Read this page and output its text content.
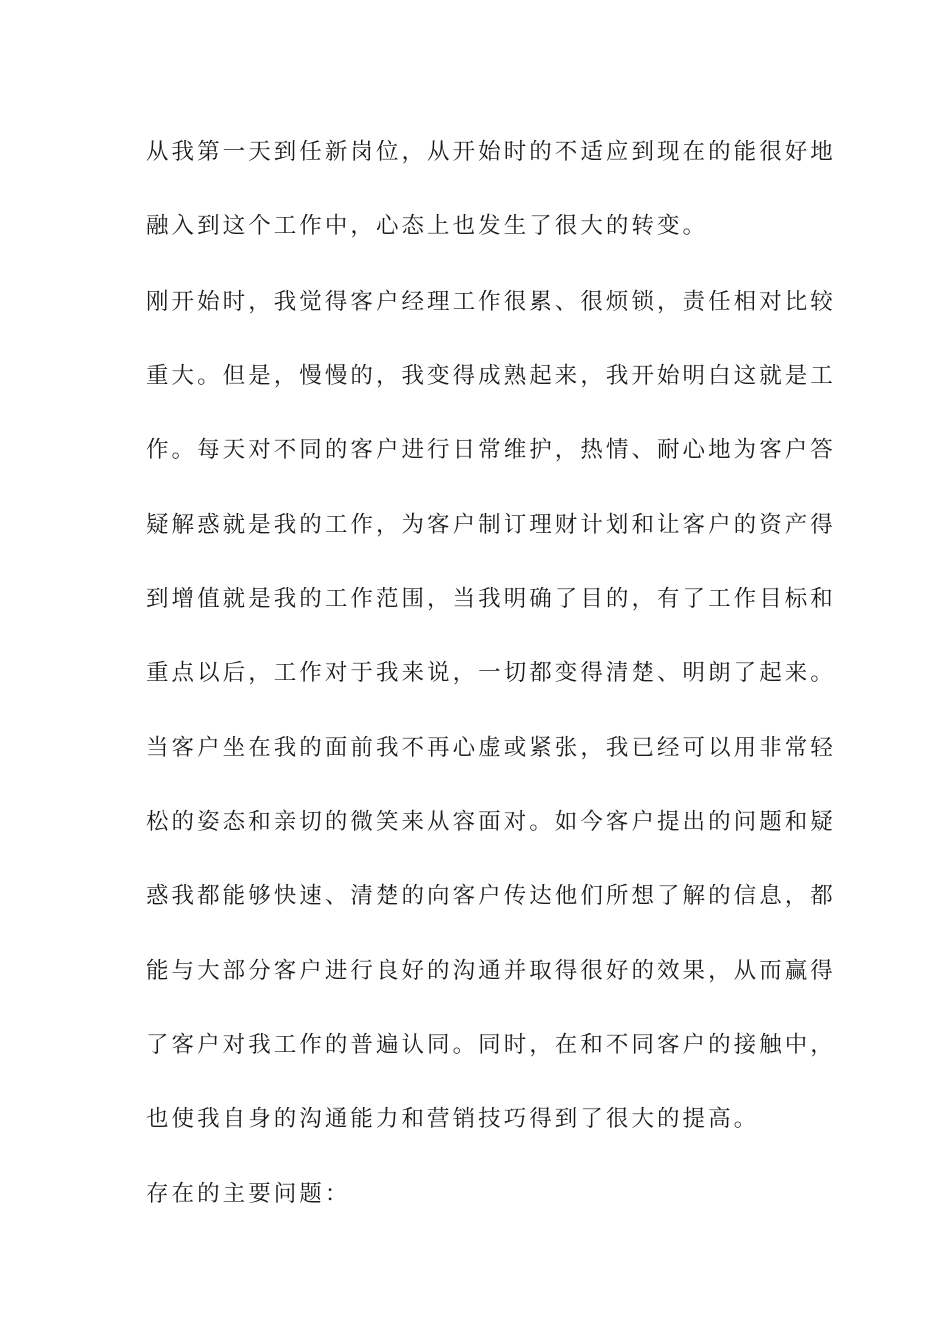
从我第一天到任新岗位，从开始时的不适应到现在的能很好地
融入到这个工作中，心态上也发生了很大的转变。
刚开始时，我觉得客户经理工作很累、很烦锁，责任相对比较
重大。但是，慢慢的，我变得成熟起来，我开始明白这就是工
作。每天对不同的客户进行日常维护，热情、耐心地为客户答
疑解惑就是我的工作，为客户制订理财计划和让客户的资产得
到增值就是我的工作范围，当我明确了目的，有了工作目标和
重点以后，工作对于我来说，一切都变得清楚、明朗了起来。
当客户坐在我的面前我不再心虚或紧张，我已经可以用非常轻
松的姿态和亲切的微笑来从容面对。如今客户提出的问题和疑
惑我都能够快速、清楚的向客户传达他们所想了解的信息，都
能与大部分客户进行良好的沟通并取得很好的效果，从而赢得
了客户对我工作的普遍认同。同时，在和不同客户的接触中，
也使我自身的沟通能力和营销技巧得到了很大的提高。
存在的主要问题：
